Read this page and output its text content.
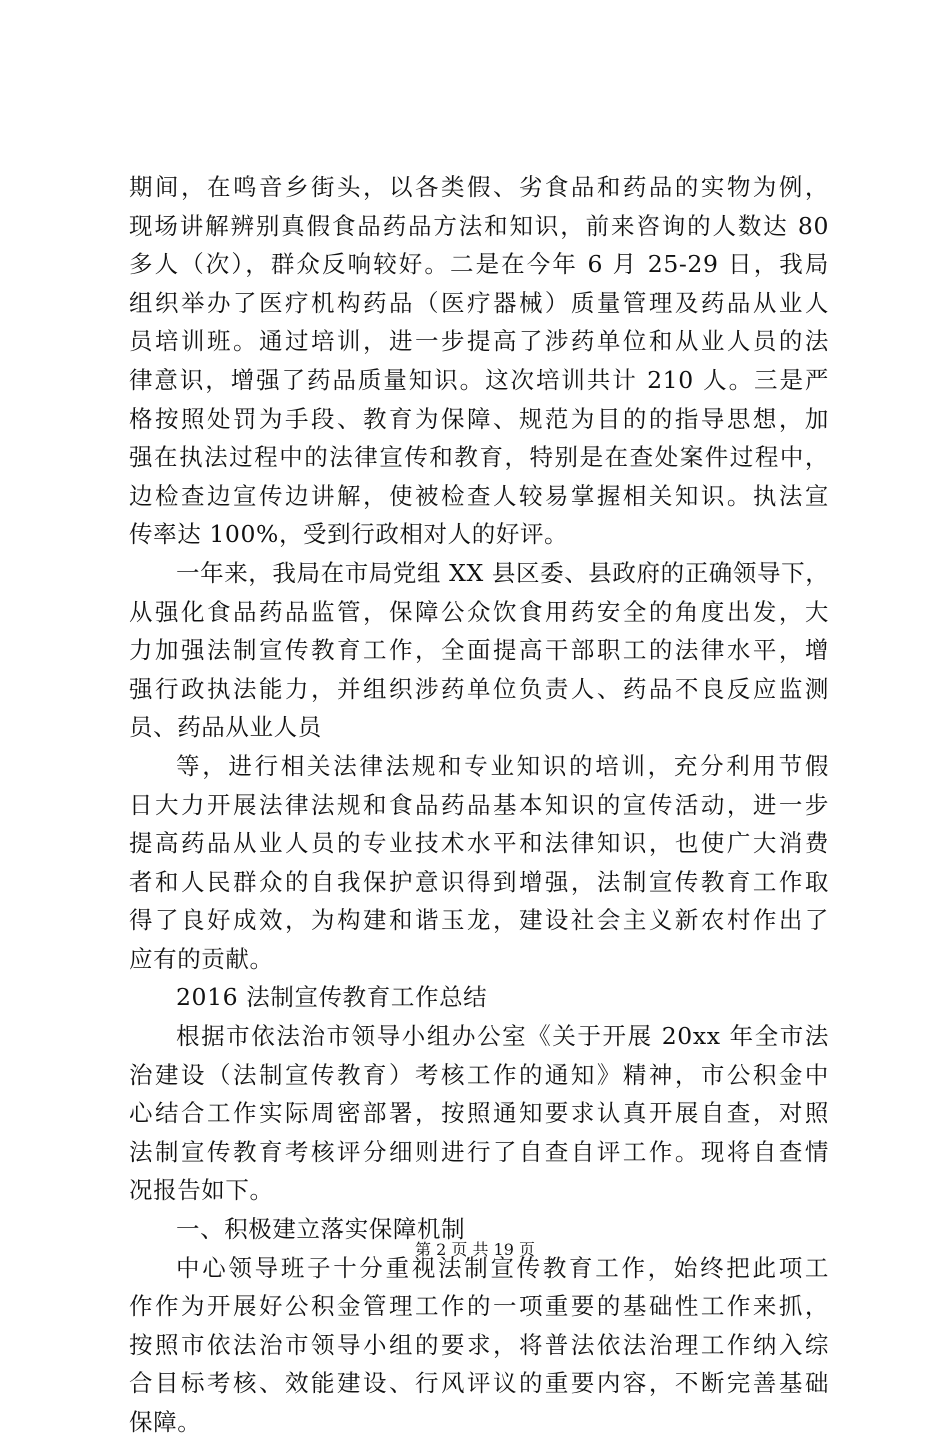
期间，在鸣音乡街头，以各类假、劣食品和药品的实物为例，
现场讲解辨别真假食品药品方法和知识，前来咨询的人数达 80
多人（次），群众反响较好。二是在今年 6 月 25-29 日，我局
组织举办了医疗机构药品（医疗器械）质量管理及药品从业人
员培训班。通过培训，进一步提高了涉药单位和从业人员的法
律意识，增强了药品质量知识。这次培训共计 210 人。三是严
格按照处罚为手段、教育为保障、规范为目的的指导思想，加
强在执法过程中的法律宣传和教育，特别是在查处案件过程中，
边检查边宣传边讲解，使被检查人较易掌握相关知识。执法宣
传率达 100%，受到行政相对人的好评。
一年来，我局在市局党组 XX 县区委、县政府的正确领导下，
从强化食品药品监管，保障公众饮食用药安全的角度出发，大
力加强法制宣传教育工作，全面提高干部职工的法律水平，增
强行政执法能力，并组织涉药单位负责人、药品不良反应监测
员、药品从业人员
等，进行相关法律法规和专业知识的培训，充分利用节假
日大力开展法律法规和食品药品基本知识的宣传活动，进一步
提高药品从业人员的专业技术水平和法律知识，也使广大消费
者和人民群众的自我保护意识得到增强，法制宣传教育工作取
得了良好成效，为构建和谐玉龙，建设社会主义新农村作出了
应有的贡献。
2016 法制宣传教育工作总结
根据市依法治市领导小组办公室《关于开展 20xx 年全市法
治建设（法制宣传教育）考核工作的通知》精神，市公积金中
心结合工作实际周密部署，按照通知要求认真开展自查，对照
法制宣传教育考核评分细则进行了自查自评工作。现将自查情
况报告如下。
一、积极建立落实保障机制
中心领导班子十分重视法制宣传教育工作，始终把此项工
作作为开展好公积金管理工作的一项重要的基础性工作来抓，
按照市依法治市领导小组的要求，将普法依法治理工作纳入综
合目标考核、效能建设、行风评议的重要内容，不断完善基础
保障。
第 2 页 共 19 页
